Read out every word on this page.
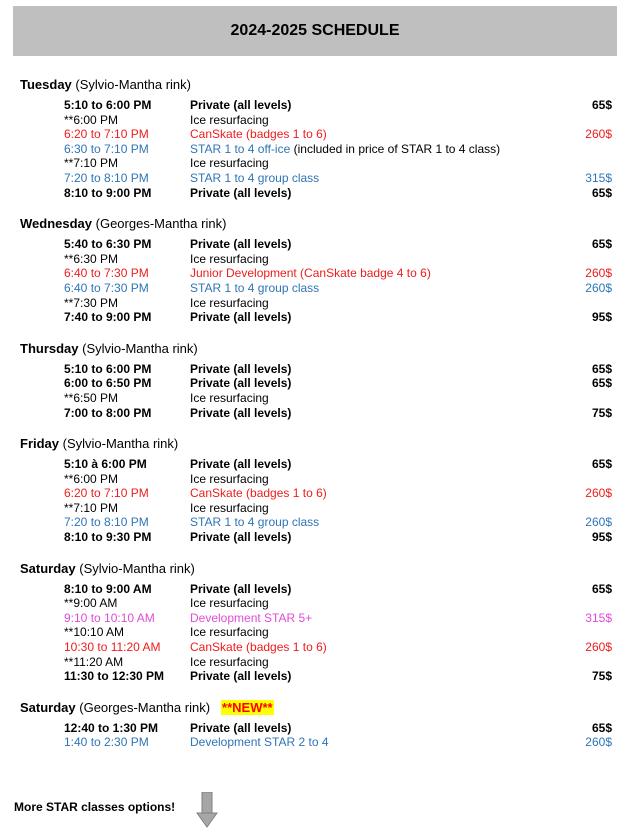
2024-2025 SCHEDULE
Tuesday (Sylvio-Mantha rink)
5:10 to 6:00 PM	Private (all levels)	65$
**6:00 PM	Ice resurfacing
6:20 to 7:10 PM	CanSkate (badges 1 to 6)	260$
6:30 to 7:10 PM	STAR 1 to 4 off-ice (included in price of STAR 1 to 4 class)
**7:10 PM	Ice resurfacing
7:20 to 8:10 PM	STAR 1 to 4 group class	315$
8:10 to 9:00 PM	Private (all levels)	65$
Wednesday (Georges-Mantha rink)
5:40 to 6:30 PM	Private (all levels)	65$
**6:30 PM	Ice resurfacing
6:40 to 7:30 PM	Junior Development (CanSkate badge 4 to 6)	260$
6:40 to 7:30 PM	STAR 1 to 4 group class	260$
**7:30 PM	Ice resurfacing
7:40 to 9:00 PM	Private (all levels)	95$
Thursday (Sylvio-Mantha rink)
5:10 to 6:00 PM	Private (all levels)	65$
6:00 to 6:50 PM	Private (all levels)	65$
**6:50 PM	Ice resurfacing
7:00 to 8:00 PM	Private (all levels)	75$
Friday (Sylvio-Mantha rink)
5:10 à 6:00 PM	Private (all levels)	65$
**6:00 PM	Ice resurfacing
6:20 to 7:10 PM	CanSkate (badges 1 to 6)	260$
**7:10 PM	Ice resurfacing
7:20 to 8:10 PM	STAR 1 to 4 group class	260$
8:10 to 9:30 PM	Private (all levels)	95$
Saturday (Sylvio-Mantha rink)
8:10 to 9:00 AM	Private (all levels)	65$
**9:00 AM	Ice resurfacing
9:10 to 10:10 AM	Development STAR 5+	315$
**10:10 AM	Ice resurfacing
10:30 to 11:20 AM CanSkate (badges 1 to 6)	260$
**11:20 AM	Ice resurfacing
11:30 to 12:30 PM Private (all levels)	75$
Saturday (Georges-Mantha rink) **NEW**
12:40 to 1:30 PM	Private (all levels)	65$
1:40 to 2:30 PM	Development STAR 2 to 4	260$
More STAR classes options!
